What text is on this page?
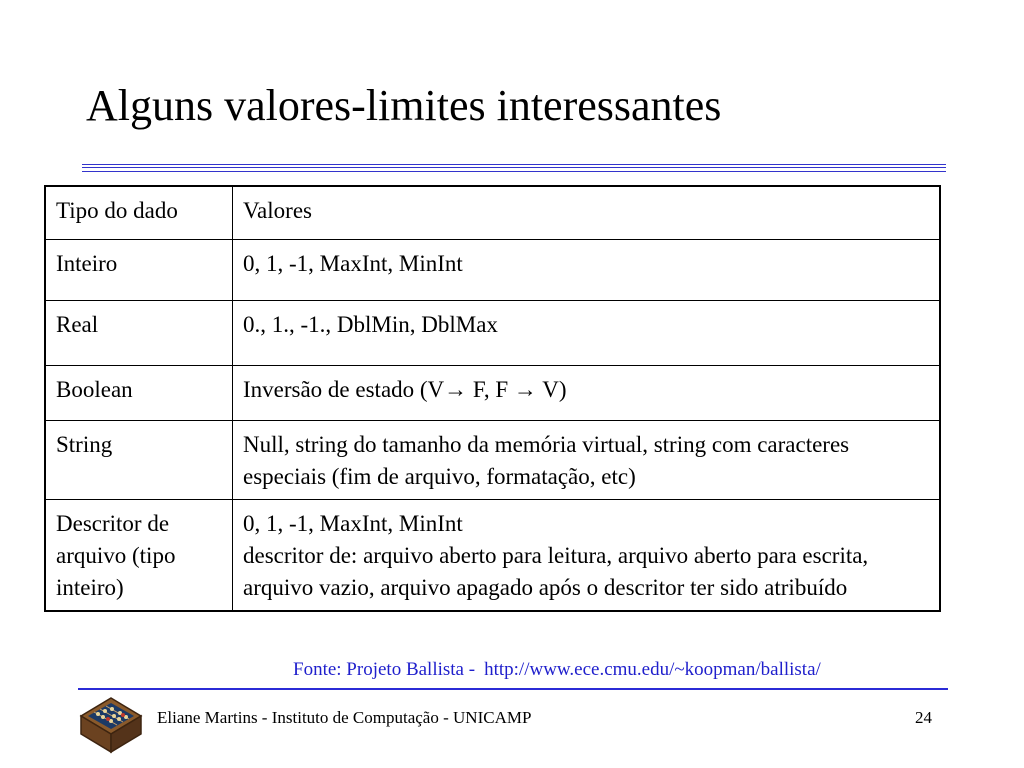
Alguns valores-limites interessantes
Tipo do dado	Valores
Inteiro	0, 1, -1, MaxInt, MinInt
Real	0., 1., -1., DblMin, DblMax
Boolean	Inversão de estado (V→ F, F → V)
String	Null, string do tamanho da memória virtual, string com caracteres especiais (fim de arquivo, formatação, etc)
Descritor de arquivo (tipo inteiro)	0, 1, -1, MaxInt, MinInt
descritor de: arquivo aberto para leitura, arquivo aberto para escrita, arquivo vazio, arquivo apagado após o descritor ter sido atribuído
Fonte: Projeto Ballista - http://www.ece.cmu.edu/~koopman/ballista/
Eliane Martins - Instituto de Computação - UNICAMP	24
